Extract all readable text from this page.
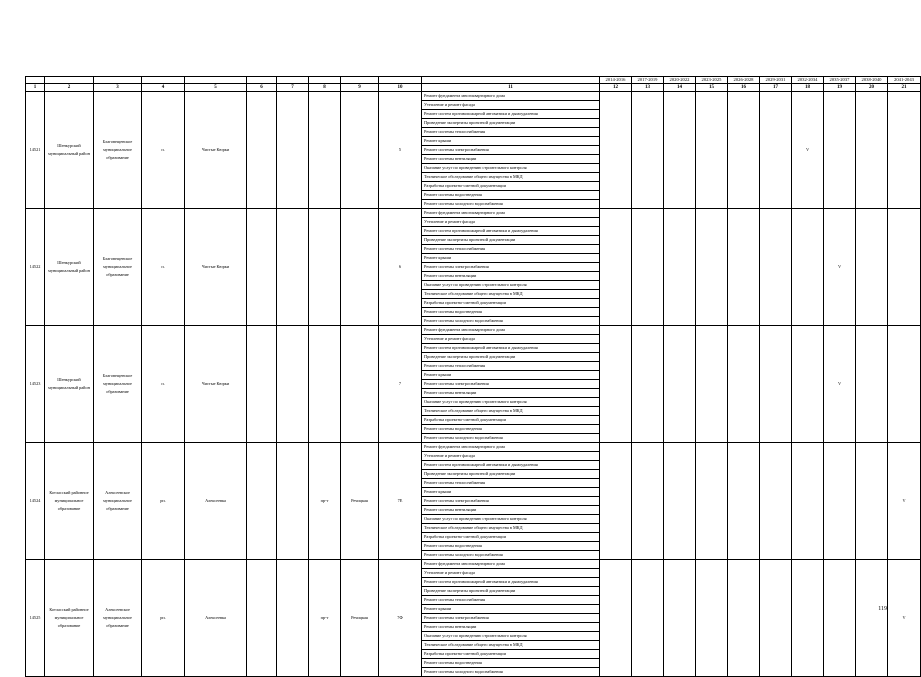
											2014-2016	2017-2019	2020-2022	2023-2025	2026-2028	2029-2031	2032-2034	2035-2037	2038-2040	2041-2043
1	2	3	4	5	6	7	8	9	10	11	12	13	14	15	16	17	18	19	20	21
14521	Шенкурский муниципальный район	Благовещенское муниципальное образование	п.	Чистые Кюрки					5	Ремонт фундамента многоквартирного дома							V			
										Утепление и ремонт фасада										
										Ремонт систем противопожарной автоматики и дымоудаления										
										Проведение экспертизы проектной документации										
										Ремонт системы теплоснабжения										
										Ремонт крыши										
										Ремонт системы электроснабжения										
										Ремонт системы вентиляции										
										Оказание услуг по проведению строительного контроля										
										Техническое обследование общего имущества в МКД										
										Разработка проектно-сметной документации										
										Ремонт системы водоотведения										
										Ремонт системы холодного водоснабжения										
14522	Шенкурский муниципальный район	Благовещенское муниципальное образование	п.	Чистые Кюрки					6	Ремонт фундамента многоквартирного дома								V		
										Утепление и ремонт фасада										
										Ремонт систем противопожарной автоматики и дымоудаления										
										Проведение экспертизы проектной документации										
										Ремонт системы теплоснабжения										
										Ремонт крыши										
										Ремонт системы электроснабжения										
										Ремонт системы вентиляции										
										Оказание услуг по проведению строительного контроля										
										Техническое обследование общего имущества в МКД										
										Разработка проектно-сметной документации										
										Ремонт системы водоотведения										
										Ремонт системы холодного водоснабжения										
14523	Шенкурский муниципальный район	Благовещенское муниципальное образование	п.	Чистые Кюрки					7	Ремонт фундамента многоквартирного дома								V		
										Утепление и ремонт фасада										
										Ремонт систем противопожарной автоматики и дымоудаления										
										Проведение экспертизы проектной документации										
										Ремонт системы теплоснабжения										
										Ремонт крыши										
										Ремонт системы электроснабжения										
										Ремонт системы вентиляции										
										Оказание услуг по проведению строительного контроля										
										Техническое обследование общего имущества в МКД										
										Разработка проектно-сметной документации										
										Ремонт системы водоотведения										
										Ремонт системы холодного водоснабжения										
14524	Котласский районное муниципальное образование	Алексеевское муниципальное образование	рп.	Алексеевка			пр-т	Речицкая	7Е	Ремонт фундамента многоквартирного дома										V
										Утепление и ремонт фасада										
										Ремонт систем противопожарной автоматики и дымоудаления										
										Проведение экспертизы проектной документации										
										Ремонт системы теплоснабжения										
										Ремонт крыши										
										Ремонт системы электроснабжения										
										Ремонт системы вентиляции										
										Оказание услуг по проведению строительного контроля										
										Техническое обследование общего имущества в МКД										
										Разработка проектно-сметной документации										
										Ремонт системы водоотведения										
										Ремонт системы холодного водоснабжения										
14525	Котласский районное муниципальное образование	Алексеевское муниципальное образование	рп.	Алексеевка			пр-т	Речицкая	7Ф	Ремонт фундамента многоквартирного дома										V
										Утепление и ремонт фасада										
										Ремонт систем противопожарной автоматики и дымоудаления										
										Проведение экспертизы проектной документации										
										Ремонт системы теплоснабжения										
										Ремонт крыши										
										Ремонт системы электроснабжения										
										Ремонт системы вентиляции										
										Оказание услуг по проведению строительного контроля										
										Техническое обследование общего имущества в МКД										
										Разработка проектно-сметной документации										
										Ремонт системы водоотведения										
										Ремонт системы холодного водоснабжения										
119
